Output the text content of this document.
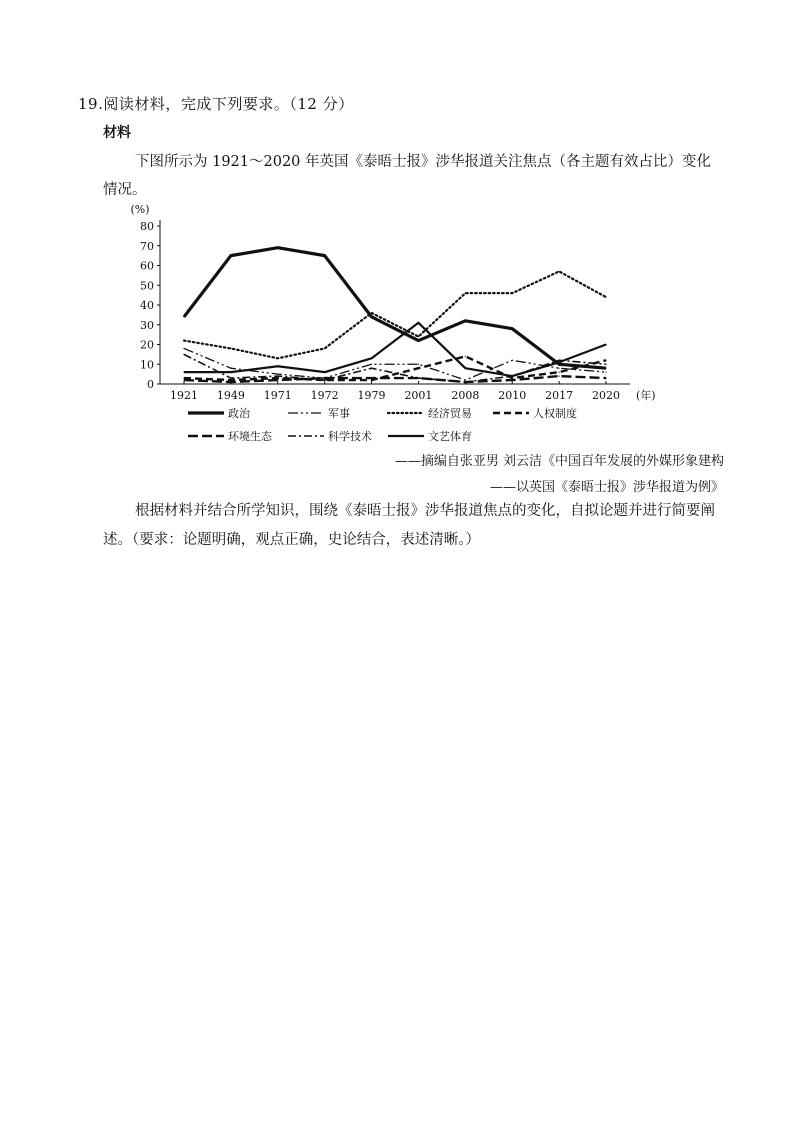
19.阅读材料，完成下列要求。（12 分）
材料
下图所示为 1921～2020 年英国《泰晤士报》涉华报道关注焦点（各主题有效占比）变化情况。
(%)
0
10
20
30
40
50
60
70
80
1921 1949 1971 1972 1979 2001 2008 2010 2017 2020 (年)
政治	军事	经济贸易	人权制度
环境生态	科学技术	文艺体育
——摘编自张亚男 刘云洁《中国百年发展的外媒形象建构
——以英国《泰晤士报》涉华报道为例》
根据材料并结合所学知识，围绕《泰晤士报》涉华报道焦点的变化，自拟论题并进行简要阐述。（要求：论题明确，观点正确，史论结合，表述清晰。）
